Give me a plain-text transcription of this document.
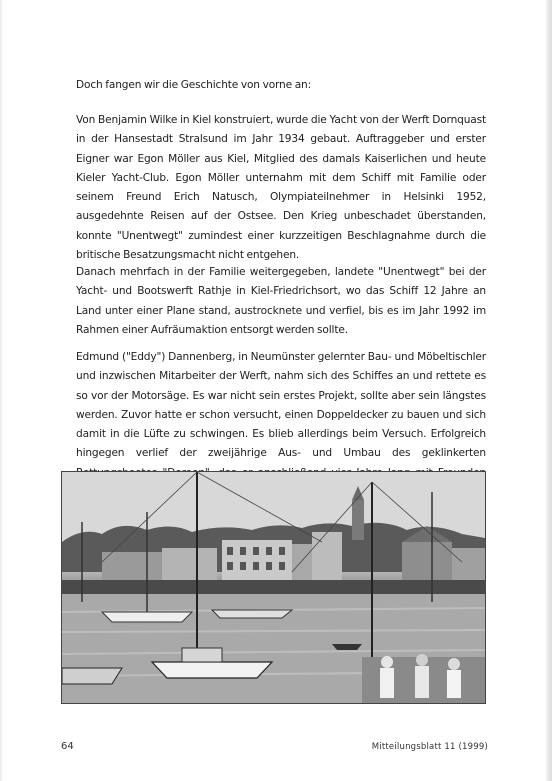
Doch fangen wir die Geschichte von vorne an:
Von Benjamin Wilke in Kiel konstruiert, wurde die Yacht von der Werft Dornquast in der Hansestadt Stralsund im Jahr 1934 gebaut. Auftraggeber und erster Eigner war Egon Möller aus Kiel, Mitglied des damals Kaiserlichen und heute Kieler Yacht-Club. Egon Möller unternahm mit dem Schiff mit Familie oder seinem Freund Erich Natusch, Olympiateilnehmer in Helsinki 1952, ausgedehnte Reisen auf der Ostsee. Den Krieg unbeschadet überstanden, konnte "Unentwegt" zumindest einer kurzzeitigen Beschlagnahme durch die britische Besatzungsmacht nicht entgehen.
Danach mehrfach in der Familie weitergegeben, landete "Unentwegt" bei der Yacht- und Bootswerft Rathje in Kiel-Friedrichsort, wo das Schiff 12 Jahre an Land unter einer Plane stand, austrocknete und verfiel, bis es im Jahr 1992 im Rahmen einer Aufräumaktion entsorgt werden sollte.
Edmund ("Eddy") Dannenberg, in Neumünster gelernter Bau- und Möbeltischler und inzwischen Mitarbeiter der Werft, nahm sich des Schiffes an und rettete es so vor der Motorsäge. Es war nicht sein erstes Projekt, sollte aber sein längstes werden. Zuvor hatte er schon versucht, einen Doppeldecker zu bauen und sich damit in die Lüfte zu schwingen. Es blieb allerdings beim Versuch. Erfolgreich hingegen verlief der zweijährige Aus- und Umbau des geklinkerten
64	Mitteilungsblatt 11 (1999)
